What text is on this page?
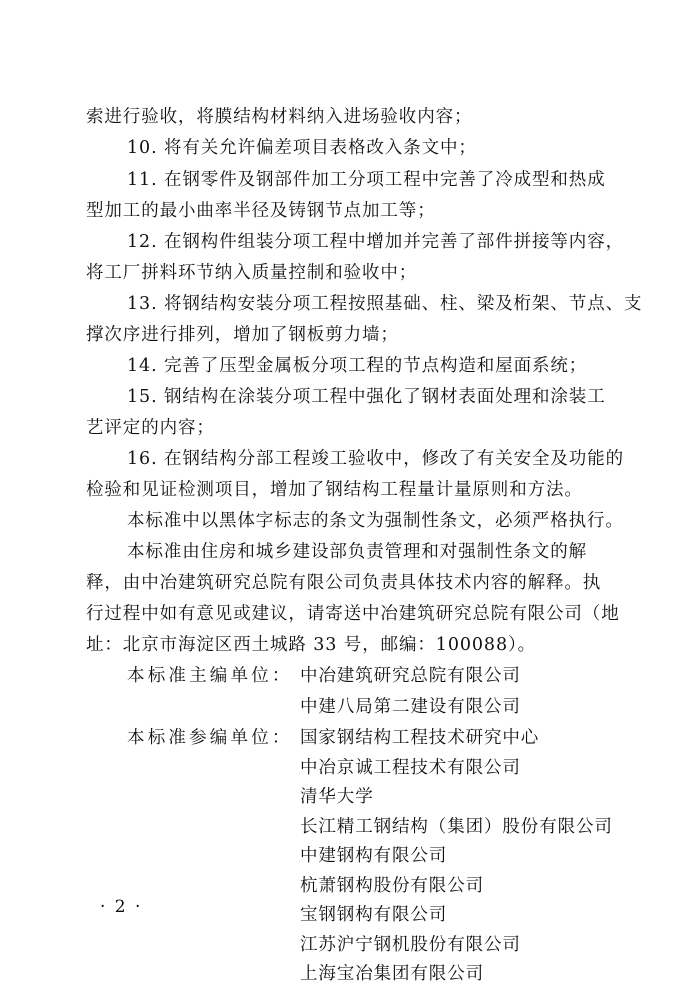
索进行验收，将膜结构材料纳入进场验收内容；
10. 将有关允许偏差项目表格改入条文中；
11. 在钢零件及钢部件加工分项工程中完善了冷成型和热成
型加工的最小曲率半径及铸钢节点加工等；
12. 在钢构件组装分项工程中增加并完善了部件拼接等内容，
将工厂拼料环节纳入质量控制和验收中；
13. 将钢结构安装分项工程按照基础、柱、梁及桁架、节点、支
撑次序进行排列，增加了钢板剪力墙；
14. 完善了压型金属板分项工程的节点构造和屋面系统；
15. 钢结构在涂装分项工程中强化了钢材表面处理和涂装工
艺评定的内容；
16. 在钢结构分部工程竣工验收中，修改了有关安全及功能的
检验和见证检测项目，增加了钢结构工程量计量原则和方法。
本标准中以黑体字标志的条文为强制性条文，必须严格执行。
本标准由住房和城乡建设部负责管理和对强制性条文的解
释，由中冶建筑研究总院有限公司负责具体技术内容的解释。执
行过程中如有意见或建议，请寄送中冶建筑研究总院有限公司（地
址：北京市海淀区西土城路 33 号，邮编：100088）。
本标准主编单位： 中冶建筑研究总院有限公司
中建八局第二建设有限公司
本标准参编单位： 国家钢结构工程技术研究中心
中冶京诚工程技术有限公司
清华大学
长江精工钢结构（集团）股份有限公司
中建钢构有限公司
杭萧钢构股份有限公司
宝钢钢构有限公司
江苏沪宁钢机股份有限公司
上海宝冶集团有限公司
· 2 ·
